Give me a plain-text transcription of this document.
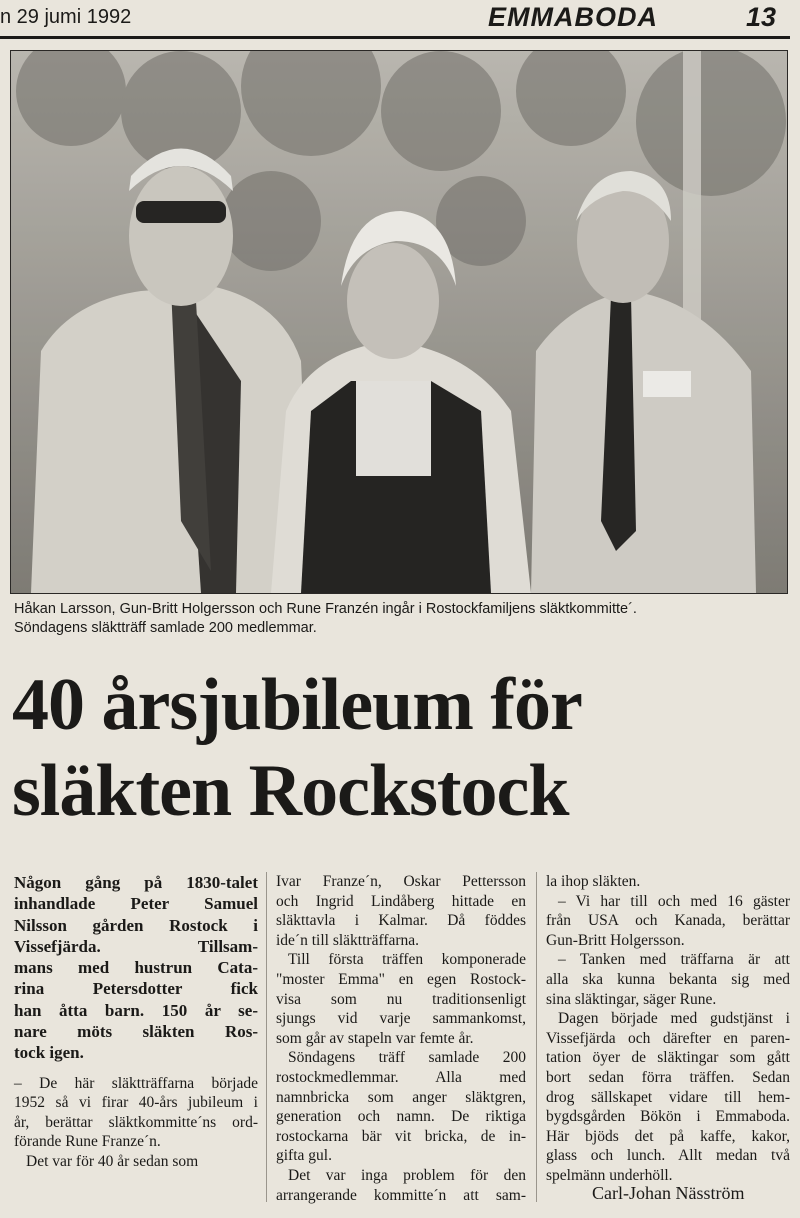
n 29 jumi 1992	EMMABODA	13
Håkan Larsson, Gun-Britt Holgersson och Rune Franzén ingår i Rostockfamiljens släktkommitte´.
Söndagens släktträff samlade 200 medlemmar.
40 årsjubileum för
släkten Rockstock
Någon gång på 1830-talet
inhandlade Peter Samuel
Nilsson gården Rostock i
Vissefjärda. Tillsam-
mans med hustrun Cata-
rina Petersdotter fick
han åtta barn. 150 år se-
nare möts släkten Ros-
tock igen.
– De här släktträffarna började
1952 så vi firar 40-års jubileum i
år, berättar släktkommitte´ns ord-
förande Rune Franze´n.
Det var för 40 år sedan som
Ivar Franze´n, Oskar Pettersson
och Ingrid Lindåberg hittade en
släkttavla i Kalmar. Då föddes
ide´n till släktträffarna.
Till första träffen komponerade
"moster Emma" en egen Rostock-
visa som nu traditionsenligt
sjungs vid varje sammankomst,
som går av stapeln var femte år.
Söndagens träff samlade 200
rostockmedlemmar. Alla med
namnbricka som anger släktgren,
generation och namn. De riktiga
rostockarna bär vit bricka, de in-
gifta gul.
Det var inga problem för den
arrangerande kommitte´n att sam-
la ihop släkten.
– Vi har till och med 16 gäster
från USA och Kanada, berättar
Gun-Britt Holgersson.
– Tanken med träffarna är att
alla ska kunna bekanta sig med
sina släktingar, säger Rune.
Dagen började med gudstjänst i
Vissefjärda och därefter en paren-
tation öyer de släktingar som gått
bort sedan förra träffen. Sedan
drog sällskapet vidare till hem-
bygdsgården Bökön i Emmaboda.
Här bjöds det på kaffe, kakor,
glass och lunch. Allt medan två
spelmänn underhöll.
Carl-Johan Näsström
